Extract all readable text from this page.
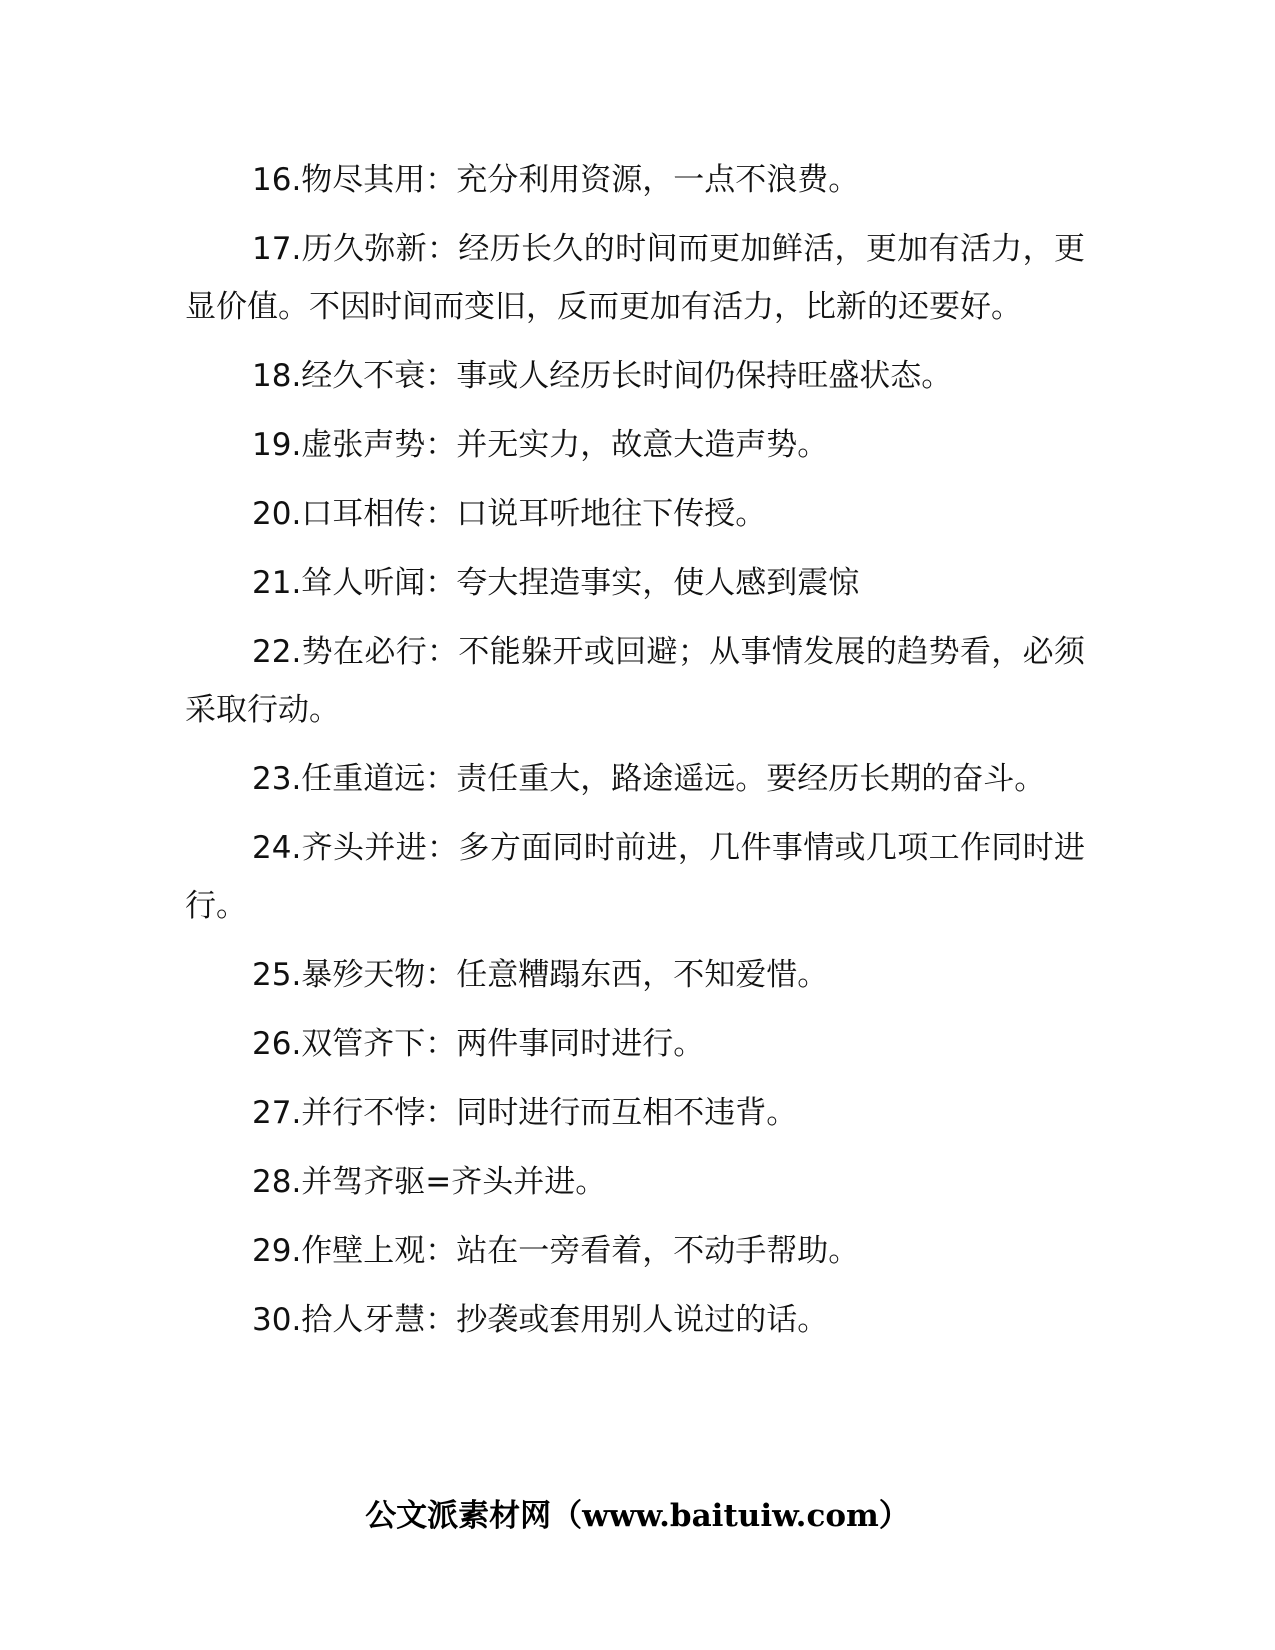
16.物尽其用：充分利用资源，一点不浪费。

17.历久弥新：经历长久的时间而更加鲜活，更加有活力，更显价值。不因时间而变旧，反而更加有活力，比新的还要好。

18.经久不衰：事或人经历长时间仍保持旺盛状态。

19.虚张声势：并无实力，故意大造声势。

20.口耳相传：口说耳听地往下传授。

21.耸人听闻：夸大捏造事实，使人感到震惊

22.势在必行：不能躲开或回避；从事情发展的趋势看，必须采取行动。

23.任重道远：责任重大，路途遥远。要经历长期的奋斗。

24.齐头并进：多方面同时前进，几件事情或几项工作同时进行。

25.暴殄天物：任意糟蹋东西，不知爱惜。

26.双管齐下：两件事同时进行。

27.并行不悖：同时进行而互相不违背。

28.并驾齐驱=齐头并进。

29.作壁上观：站在一旁看着，不动手帮助。

30.拾人牙慧：抄袭或套用别人说过的话。

公文派素材网（www.baituiw.com）
